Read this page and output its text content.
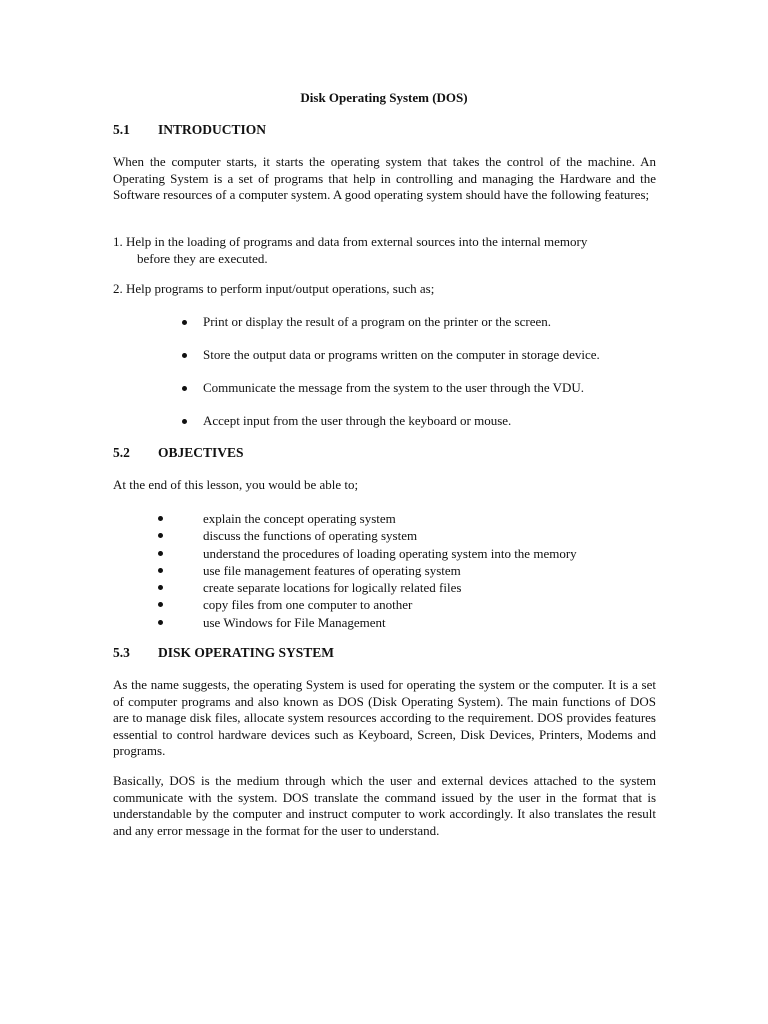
Disk Operating System (DOS)
5.1 INTRODUCTION

When the computer starts, it starts the operating system that takes the control of the machine. An Operating System is a set of programs that help in controlling and managing the Hardware and the Software resources of a computer system. A good operating system should have the following features;

1. Help in the loading of programs and data from external sources into the internal memory
before they are executed.

2. Help programs to perform input/output operations, such as;

Print or display the result of a program on the printer or the screen.
Store the output data or programs written on the computer in storage device.
Communicate the message from the system to the user through the VDU.
Accept input from the user through the keyboard or mouse.
5.2 OBJECTIVES

At the end of this lesson, you would be able to;

explain the concept operating system
discuss the functions of operating system
understand the procedures of loading operating system into the memory
use file management features of operating system
create separate locations for logically related files
copy files from one computer to another
use Windows for File Management
5.3 DISK OPERATING SYSTEM

As the name suggests, the operating System is used for operating the system or the computer. It is a set of computer programs and also known as DOS (Disk Operating System). The main functions of DOS are to manage disk files, allocate system resources according to the requirement. DOS provides features essential to control hardware devices such as Keyboard, Screen, Disk Devices, Printers, Modems and programs.

Basically, DOS is the medium through which the user and external devices attached to the system communicate with the system. DOS translate the command issued by the user in the format that is understandable by the computer and instruct computer to work accordingly. It also translates the result and any error message in the format for the user to understand.
